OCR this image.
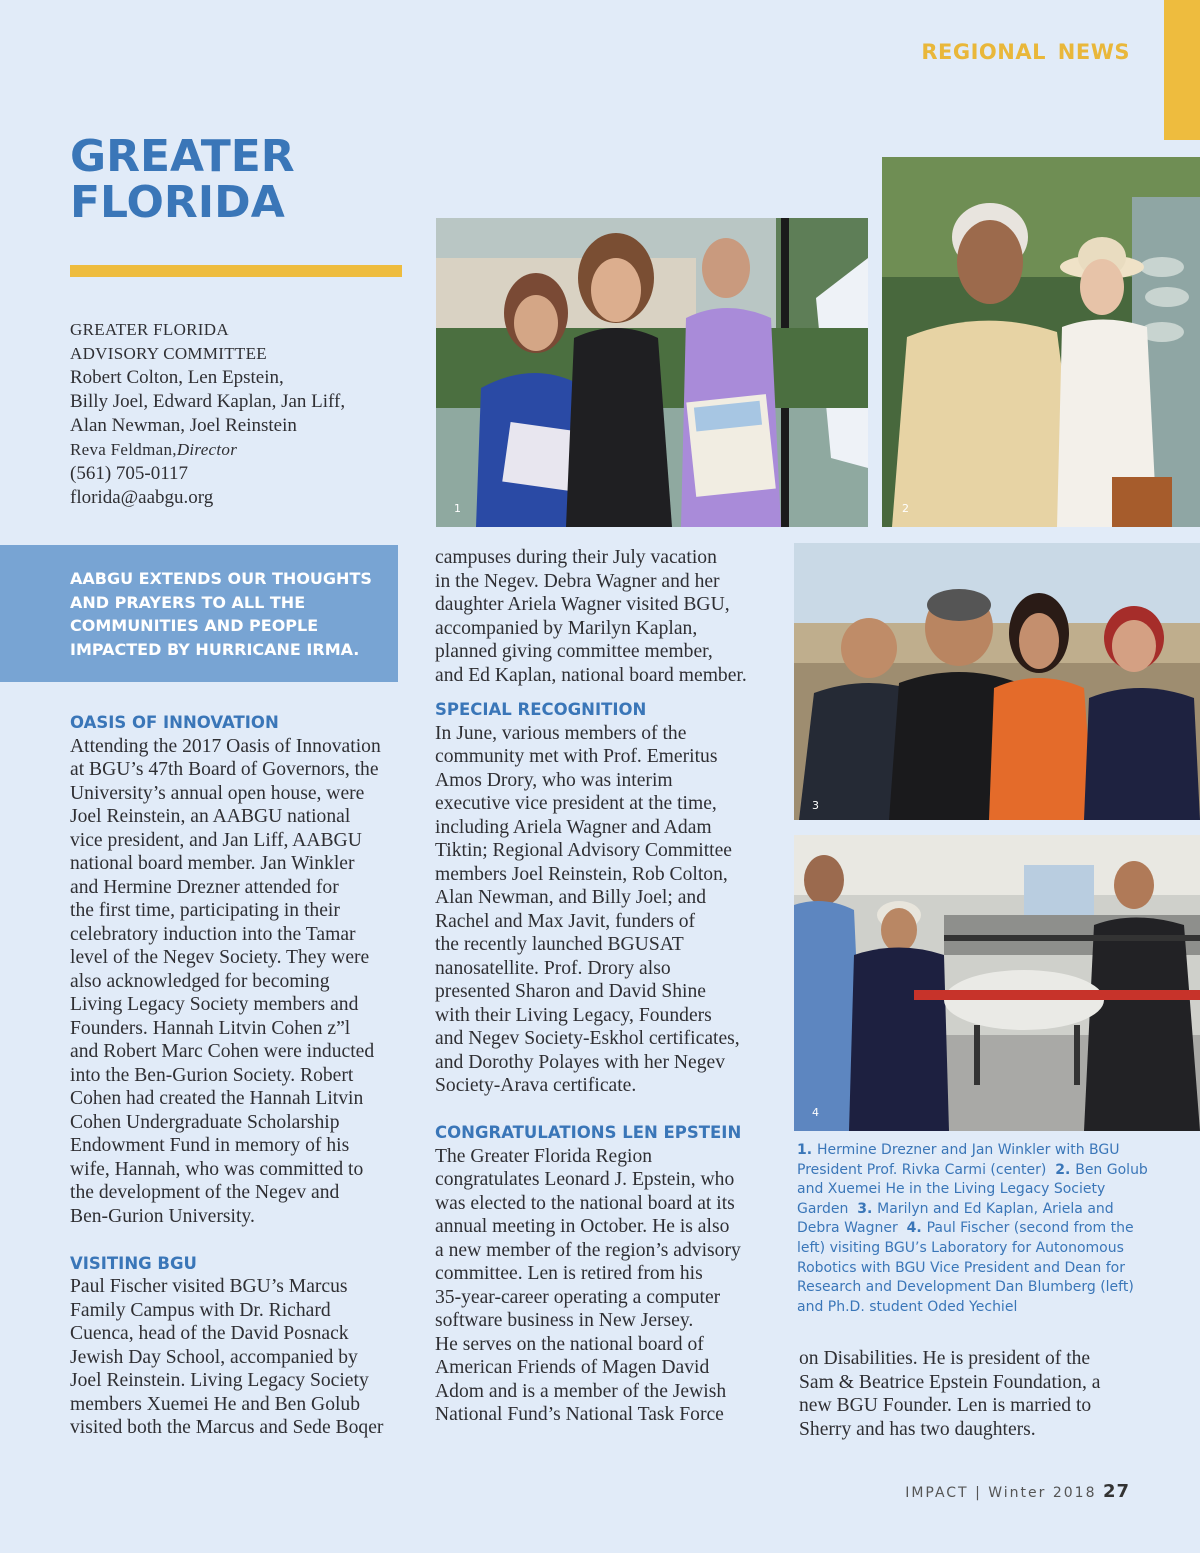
REGIONAL NEWS
GREATER
FLORIDA
GREATER FLORIDA
ADVISORY COMMITTEE
Robert Colton, Len Epstein,
Billy Joel, Edward Kaplan, Jan Liff,
Alan Newman, Joel Reinstein
Reva Feldman,Director
(561) 705-0117
florida@aabgu.org
AABGU EXTENDS OUR THOUGHTS
AND PRAYERS TO ALL THE
COMMUNITIES AND PEOPLE
IMPACTED BY HURRICANE IRMA.
OASIS OF INNOVATION
Attending the 2017 Oasis of Innovation
at BGU’s 47th Board of Governors, the
University’s annual open house, were
Joel Reinstein, an AABGU national
vice president, and Jan Liff, AABGU
national board member. Jan Winkler
and Hermine Drezner attended for
the first time, participating in their
celebratory induction into the Tamar
level of the Negev Society. They were
also acknowledged for becoming
Living Legacy Society members and
Founders. Hannah Litvin Cohen z”l
and Robert Marc Cohen were inducted
into the Ben-Gurion Society. Robert
Cohen had created the Hannah Litvin
Cohen Undergraduate Scholarship
Endowment Fund in memory of his
wife, Hannah, who was committed to
the development of the Negev and
Ben-Gurion University.
VISITING BGU
Paul Fischer visited BGU’s Marcus
Family Campus with Dr. Richard
Cuenca, head of the David Posnack
Jewish Day School, accompanied by
Joel Reinstein. Living Legacy Society
members Xuemei He and Ben Golub
visited both the Marcus and Sede Boqer
campuses during their July vacation
in the Negev. Debra Wagner and her
daughter Ariela Wagner visited BGU,
accompanied by Marilyn Kaplan,
planned giving committee member,
and Ed Kaplan, national board member.
SPECIAL RECOGNITION
In June, various members of the
community met with Prof. Emeritus
Amos Drory, who was interim
executive vice president at the time,
including Ariela Wagner and Adam
Tiktin; Regional Advisory Committee
members Joel Reinstein, Rob Colton,
Alan Newman, and Billy Joel; and
Rachel and Max Javit, funders of
the recently launched BGUSAT
nanosatellite. Prof. Drory also
presented Sharon and David Shine
with their Living Legacy, Founders
and Negev Society-Eskhol certificates,
and Dorothy Polayes with her Negev
Society-Arava certificate.
CONGRATULATIONS LEN EPSTEIN
The Greater Florida Region
congratulates Leonard J. Epstein, who
was elected to the national board at its
annual meeting in October. He is also
a new member of the region’s advisory
committee. Len is retired from his
35-year-career operating a computer
software business in New Jersey.
He serves on the national board of
American Friends of Magen David
Adom and is a member of the Jewish
National Fund’s National Task Force
on Disabilities. He is president of the
Sam & Beatrice Epstein Foundation, a
new BGU Founder. Len is married to
Sherry and has two daughters.
1	2
3
4
1. Hermine Drezner and Jan Winkler with BGU
President Prof. Rivka Carmi (center)  2. Ben Golub
and Xuemei He in the Living Legacy Society
Garden  3. Marilyn and Ed Kaplan, Ariela and
Debra Wagner  4. Paul Fischer (second from the
left) visiting BGU’s Laboratory for Autonomous
Robotics with BGU Vice President and Dean for
Research and Development Dan Blumberg (left)
and Ph.D. student Oded Yechiel
IMPACT | Winter 2018 27
